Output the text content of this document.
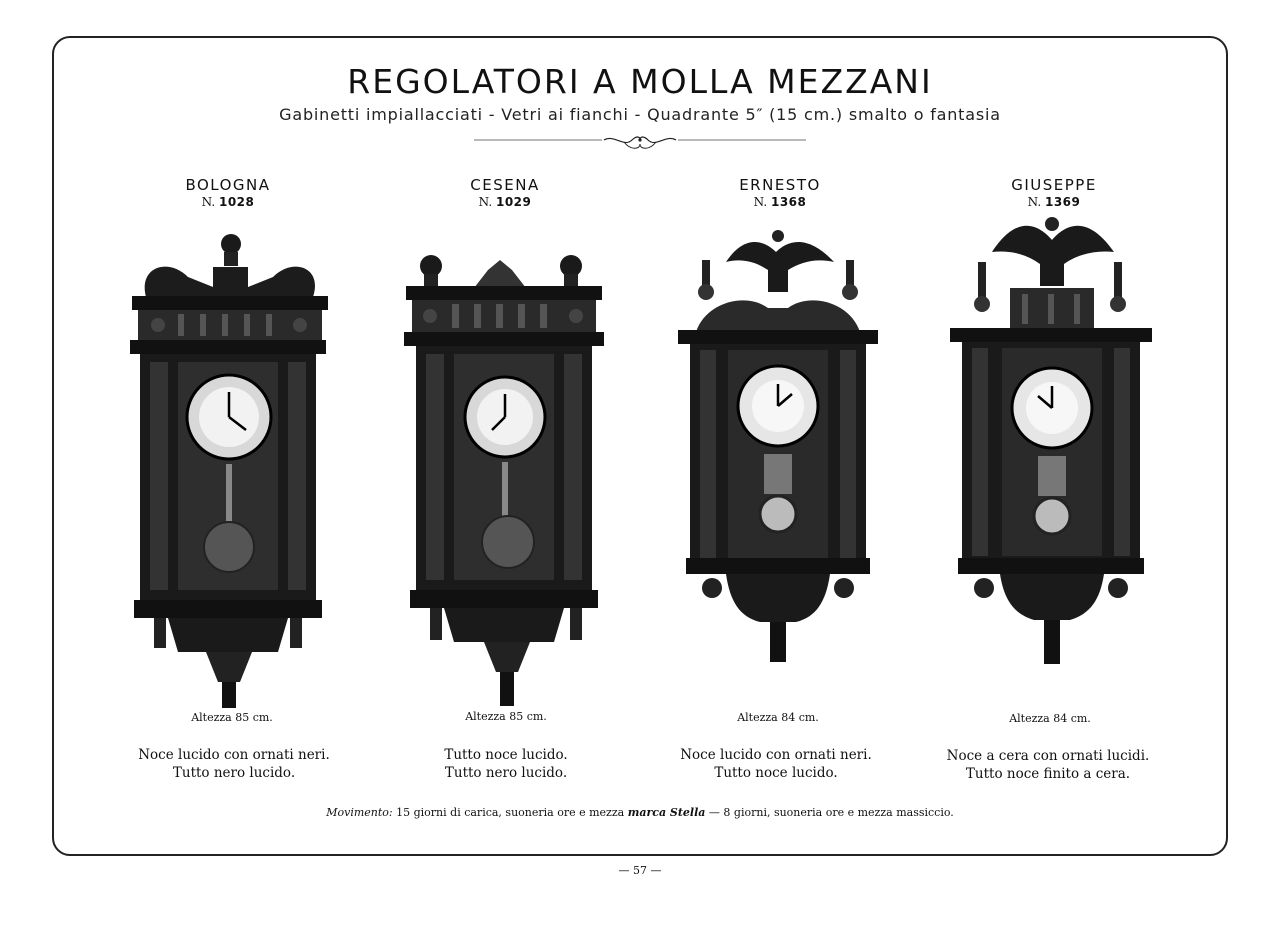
REGOLATORI A MOLLA MEZZANI
Gabinetti impiallacciati - Vetri ai fianchi - Quadrante 5″ (15 cm.) smalto o fantasia
BOLOGNA
N. 1028
Altezza 85 cm.
Noce lucido con ornati neri.
Tutto nero lucido.
CESENA
N. 1029
Altezza 85 cm.
Tutto noce lucido.
Tutto nero lucido.
ERNESTO
N. 1368
Altezza 84 cm.
Noce lucido con ornati neri.
Tutto noce lucido.
GIUSEPPE
N. 1369
Altezza 84 cm.
Noce a cera con ornati lucidi.
Tutto noce finito a cera.
Movimento: 15 giorni di carica, suoneria ore e mezza marca Stella — 8 giorni, suoneria ore e mezza massiccio.
— 57 —
